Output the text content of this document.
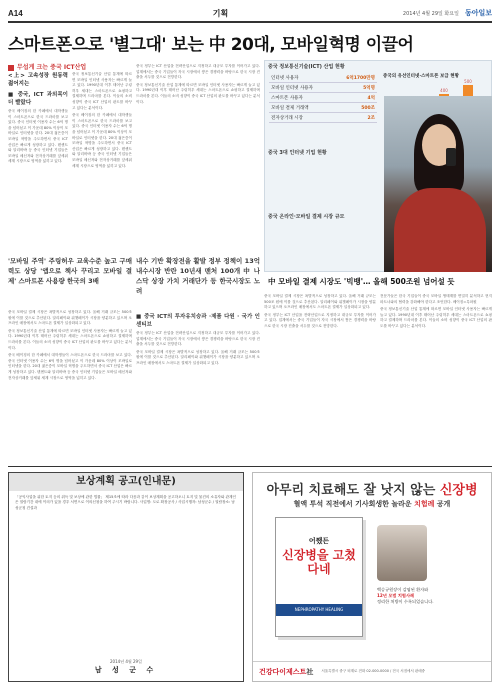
A14	기획	2014년 4월 29일 화요일 동아일보
스마트폰으로 '별그대' 보는 中 20대, 모바일혁명 이끌어
무섭게 크는 중국 ICT산업

<上> 고속성장 원동력 젊어지는

■ 중국, ICT 과외목이 더 빨랐다

중국 베이징의 한 카페에서 대학생들이 스마트폰으로 한국 드라마를 보고 있다. 중국 인터넷 이용자 수는 6억 명을 넘어섰고 이 가운데 80% 이상이 모바일로 인터넷을 한다. 20대 젊은층이 모바일 혁명을 주도하면서 중국 ICT 산업은 빠르게 성장하고 있다. 텐센트와 알리바바 등 중국 인터넷 기업들은 모바일 메신저와 전자상거래를 앞세워 세계 시장으로 영역을 넓히고 있다.

중국 정보통신기술 산업 통계에 따르면 모바일 인터넷 사용자는 빠르게 늘고 있다. 1990년대 이후 태어난 주링허우 세대는 스마트폰으로 쇼핑하고 결제하며 드라마를 본다. 이들의 소비 성향이 중국 ICT 산업의 판도를 바꾸고 있다는 분석이다.

중국 베이징의 한 카페에서 대학생들이 스마트폰으로 한국 드라마를 보고 있다. 중국 인터넷 이용자 수는 6억 명을 넘어섰고 이 가운데 80% 이상이 모바일로 인터넷을 한다. 20대 젊은층이 모바일 혁명을 주도하면서 중국 ICT 산업은 빠르게 성장하고 있다. 텐센트와 알리바바 등 중국 인터넷 기업들은 모바일 메신저와 전자상거래를 앞세워 세계 시장으로 영역을 넓히고 있다.

중국 정부는 ICT 산업을 전략산업으로 지정하고 대규모 투자를 이어가고 있다. 업계에서는 중국 기업들이 자국 시장에서 쌓은 경쟁력을 바탕으로 한국 시장 진출을 서두를 것으로 전망한다.

중국 정보통신기술 산업 통계에 따르면 모바일 인터넷 사용자는 빠르게 늘고 있다. 1990년대 이후 태어난 주링허우 세대는 스마트폰으로 쇼핑하고 결제하며 드라마를 본다. 이들의 소비 성향이 중국 ICT 산업의 판도를 바꾸고 있다는 분석이다.

'모바일 주역' 주링허우 교육수준 높고 구매력도 상당 '앱으로 책사 꾸리고 모바일 결제' 스마트폰 사용량 한국의 3배

내수 기반 확장전을 활발 정부 정책이 13억 내수시장 반란 10년새 맨처 100개 中 나스닥 상장 가치 거래단가 등 한국시장도 노려

중국 모바일 결제 시장은 폭발적으로 성장하고 있다. 올해 거래 규모는 500조 원에 이를 것으로 추산된다. 알리페이와 위챗페이가 시장을 양분하고 있으며 오프라인 매장에서도 스마트폰 결제가 일상화되고 있다.

중국 정보통신기술 산업 통계에 따르면 모바일 인터넷 사용자는 빠르게 늘고 있다. 1990년대 이후 태어난 주링허우 세대는 스마트폰으로 쇼핑하고 결제하며 드라마를 본다. 이들의 소비 성향이 중국 ICT 산업의 판도를 바꾸고 있다는 분석이다.

중국 베이징의 한 카페에서 대학생들이 스마트폰으로 한국 드라마를 보고 있다. 중국 인터넷 이용자 수는 6억 명을 넘어섰고 이 가운데 80% 이상이 모바일로 인터넷을 한다. 20대 젊은층이 모바일 혁명을 주도하면서 중국 ICT 산업은 빠르게 성장하고 있다. 텐센트와 알리바바 등 중국 인터넷 기업들은 모바일 메신저와 전자상거래를 앞세워 세계 시장으로 영역을 넓히고 있다.

■ 중국 ICT의 투자유치승과 ·제품 다원 · 국가 인센티브

중국 정부는 ICT 산업을 전략산업으로 지정하고 대규모 투자를 이어가고 있다. 업계에서는 중국 기업들이 자국 시장에서 쌓은 경쟁력을 바탕으로 한국 시장 진출을 서두를 것으로 전망한다.

중국 모바일 결제 시장은 폭발적으로 성장하고 있다. 올해 거래 규모는 500조 원에 이를 것으로 추산된다. 알리페이와 위챗페이가 시장을 양분하고 있으며 오프라인 매장에서도 스마트폰 결제가 일상화되고 있다.

중국 모바일 결제 시장은 폭발적으로 성장하고 있다. 올해 거래 규모는 500조 원에 이를 것으로 추산된다. 알리페이와 위챗페이가 시장을 양분하고 있으며 오프라인 매장에서도 스마트폰 결제가 일상화되고 있다.

중국 정부는 ICT 산업을 전략산업으로 지정하고 대규모 투자를 이어가고 있다. 업계에서는 중국 기업들이 자국 시장에서 쌓은 경쟁력을 바탕으로 한국 시장 진출을 서두를 것으로 전망한다.

전문가들은 한국 기업들이 중국 모바일 생태계를 면밀히 분석하고 현지 파트너와의 협력을 강화해야 한다고 조언한다. 베이징=특파원

중국 정보통신기술 산업 통계에 따르면 모바일 인터넷 사용자는 빠르게 늘고 있다. 1990년대 이후 태어난 주링허우 세대는 스마트폰으로 쇼핑하고 결제하며 드라마를 본다. 이들의 소비 성향이 중국 ICT 산업의 판도를 바꾸고 있다는 분석이다.

중국 정보통신기술(ICT) 산업 현황
인터넷 사용자	6억1700만명
모바일 인터넷 사용자	5억명
스마트폰 사용자	4억
모바일 결제 거래액	500조
전자상거래 시장	2조
중국의 유선인터넷·스마트폰 보급 현황
400
500
중국 3대 인터넷 기업 현황
중국 온라인·모바일 결제 시장 규모
中 모바일 결제 시장도 '빅뱅'… 올해 500조원 넘어설 듯
보상계획 공고(인내문)
「공익사업을 위한 토지 등의 취득 및 보상에 관한 법률」 제15조에 따라 다음과 같이 보상계획을 공고하오니 토지 및 물건의 소유자와 관계인은 열람기간 내에 이의가 있을 경우 서면으로 이의신청을 하여 주시기 바랍니다. 사업명: 도로 확장공사 / 사업시행자: 남성군수 / 열람장소: 남성군청 건설과
2014년 4월 29일
남 성 군 수
아무리 치료해도 잘 낫지 않는 신장병
혈액 투석 직전에서 기사회생한 놀라운 치험례 공개
어쨌든
신장병을 고쳤다네
NEPHROPATHY HEALING
백승규원장이 감염된 환자와
12년 모범 치험사례
정리한 처방이 수록되었습니다.
건강다이제스트社 서울특별시 중구 퇴계로 전화 02-000-0000 / 전국 서점에서 판매중
